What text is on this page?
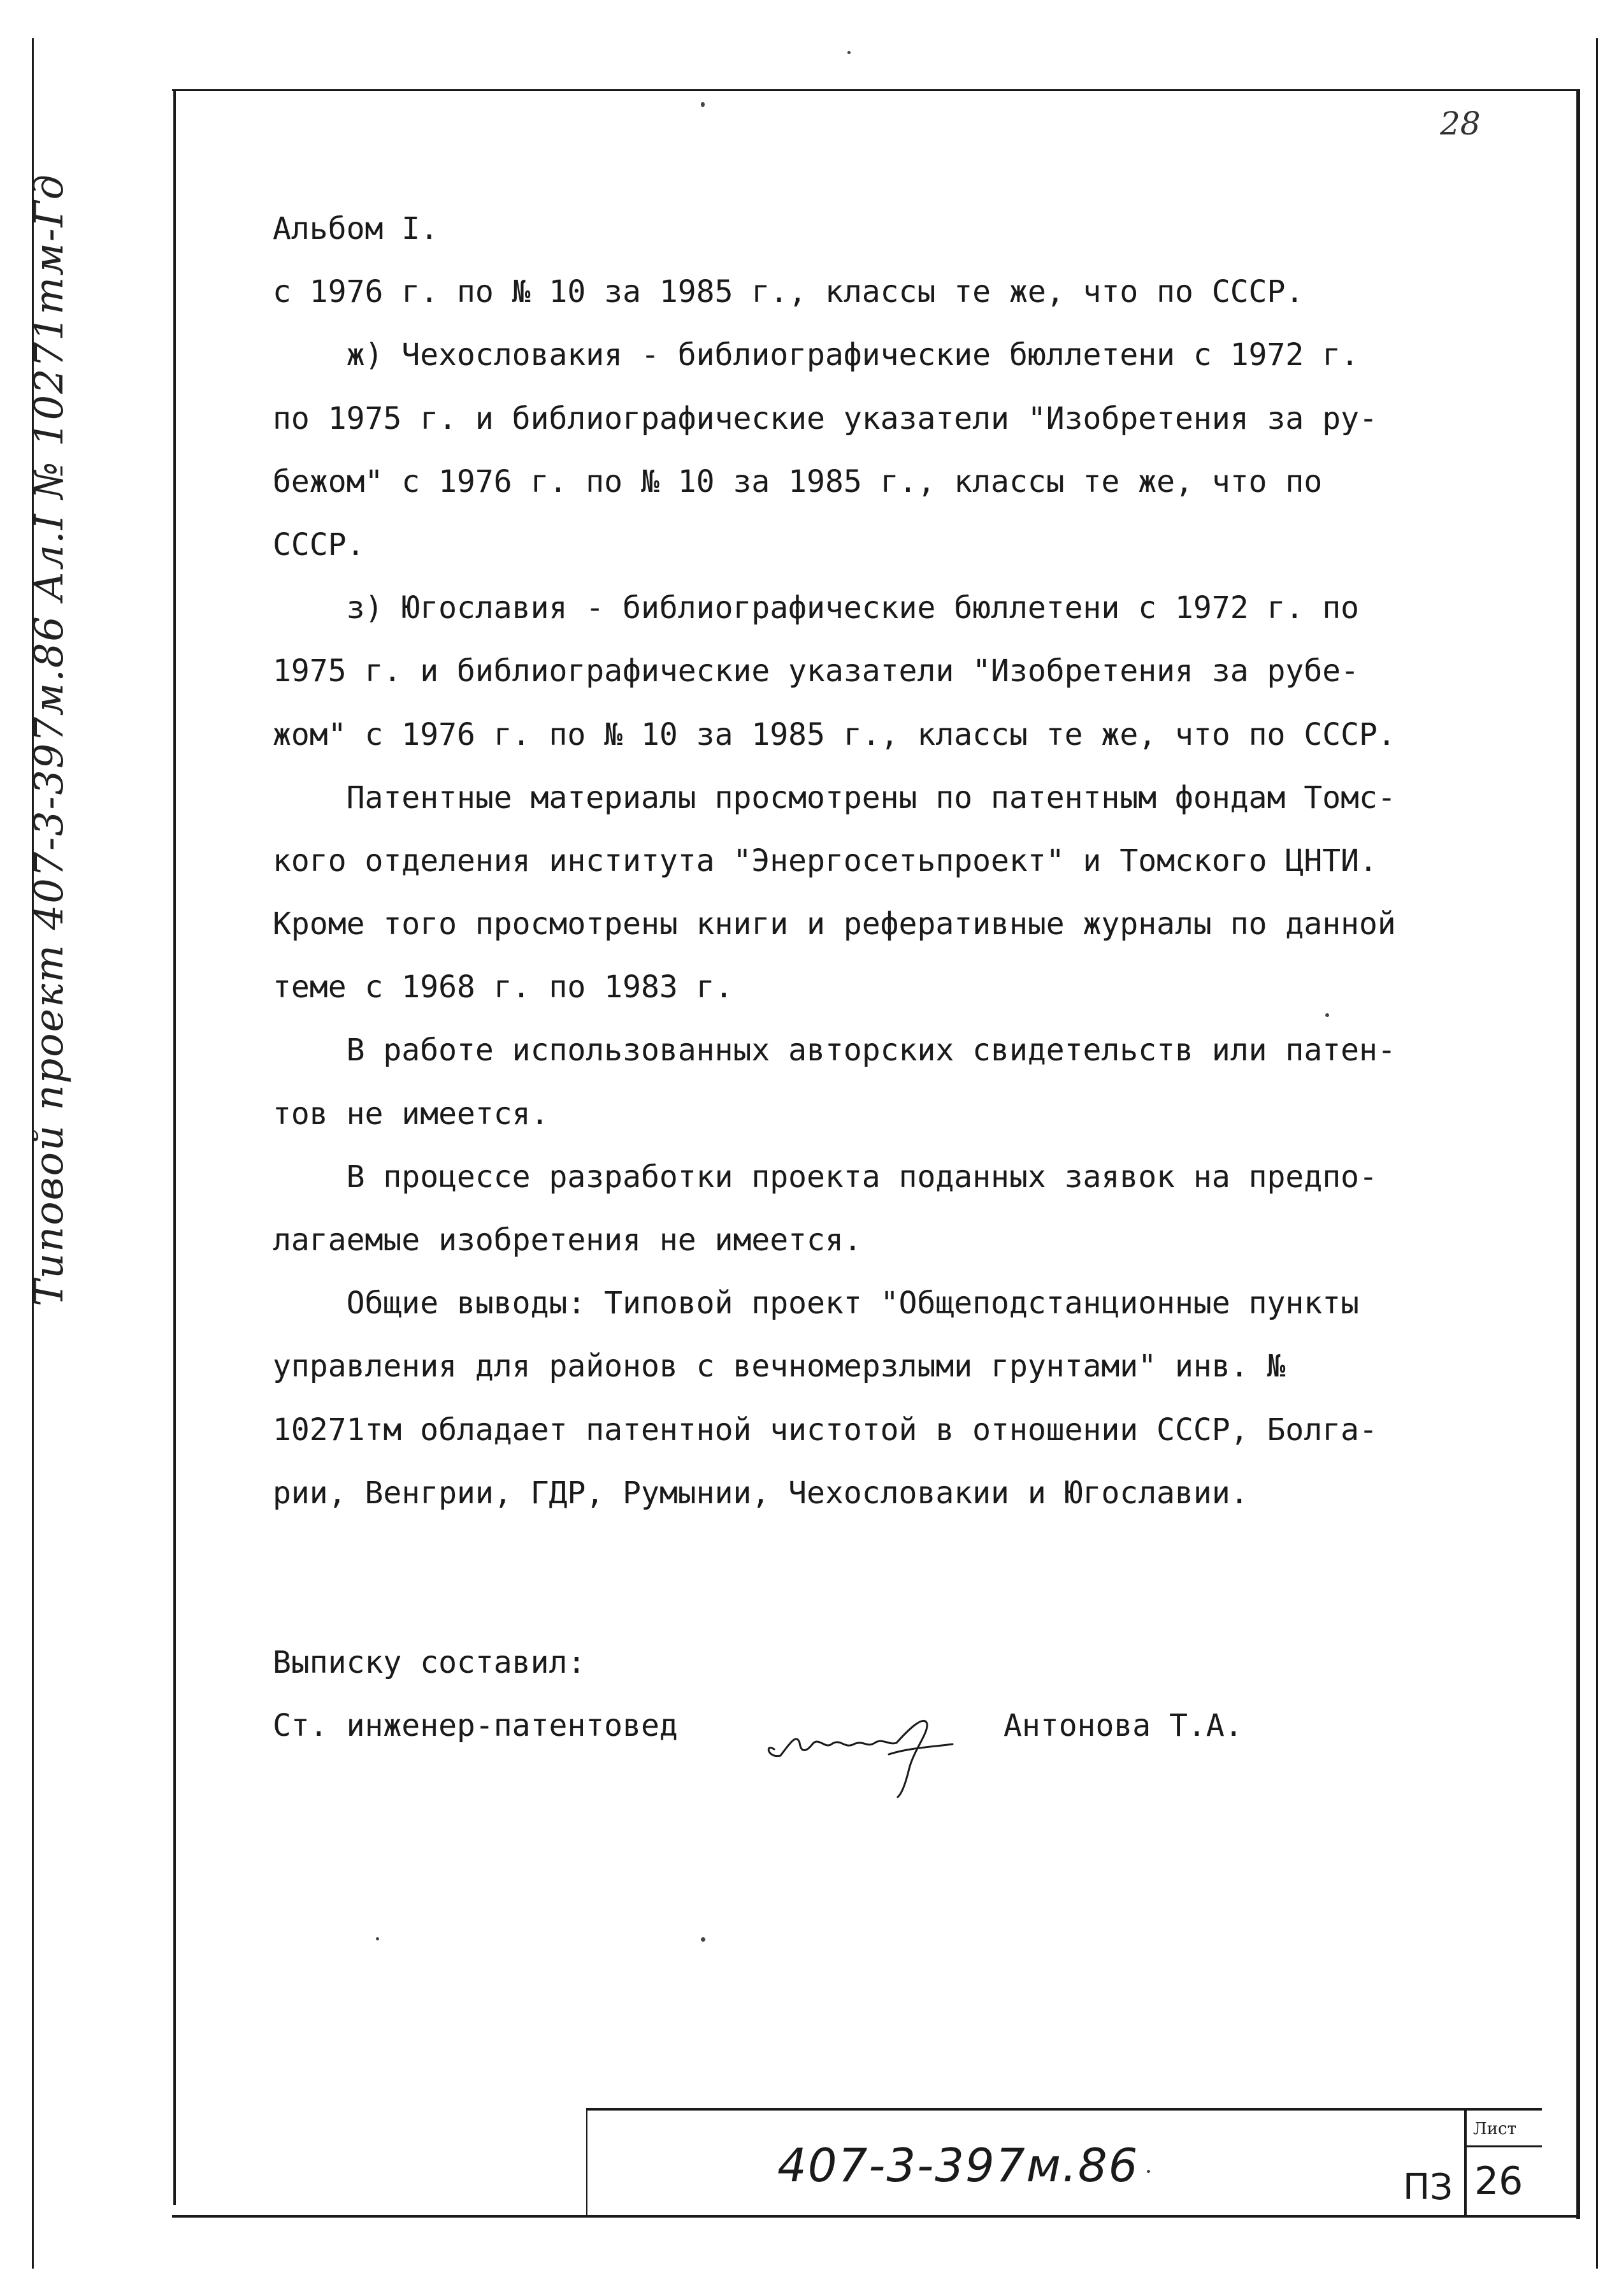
Типовой проект 407-3-397м.86 Ал.I № 10271тм-Гд
28
Альбом I.
с 1976 г. по № 10 за 1985 г., классы те же, что по СССР.
ж) Чехословакия - библиографические бюллетени с 1972 г.
по 1975 г. и библиографические указатели "Изобретения за ру-
бежом" с 1976 г. по № 10 за 1985 г., классы те же, что по
СССР.
з) Югославия - библиографические бюллетени с 1972 г. по
1975 г. и библиографические указатели "Изобретения за рубе-
жом" с 1976 г. по № 10 за 1985 г., классы те же, что по СССР.
Патентные материалы просмотрены по патентным фондам Томс-
кого отделения института "Энергосетьпроект" и Томского ЦНТИ.
Кроме того просмотрены книги и реферативные журналы по данной
теме с 1968 г. по 1983 г.
В работе использованных авторских свидетельств или патен-
тов не имеется.
В процессе разработки проекта поданных заявок на предпо-
лагаемые изобретения не имеется.
Общие выводы: Типовой проект "Общеподстанционные пункты
управления для районов с вечномерзлыми грунтами" инв. №
10271тм обладает патентной чистотой в отношении СССР, Болга-
рии, Венгрии, ГДР, Румынии, Чехословакии и Югославии.
Выписку составил:
Ст. инженер-патентовед	Антонова Т.А.
407-3-397м.86	ПЗ
Лист
26
